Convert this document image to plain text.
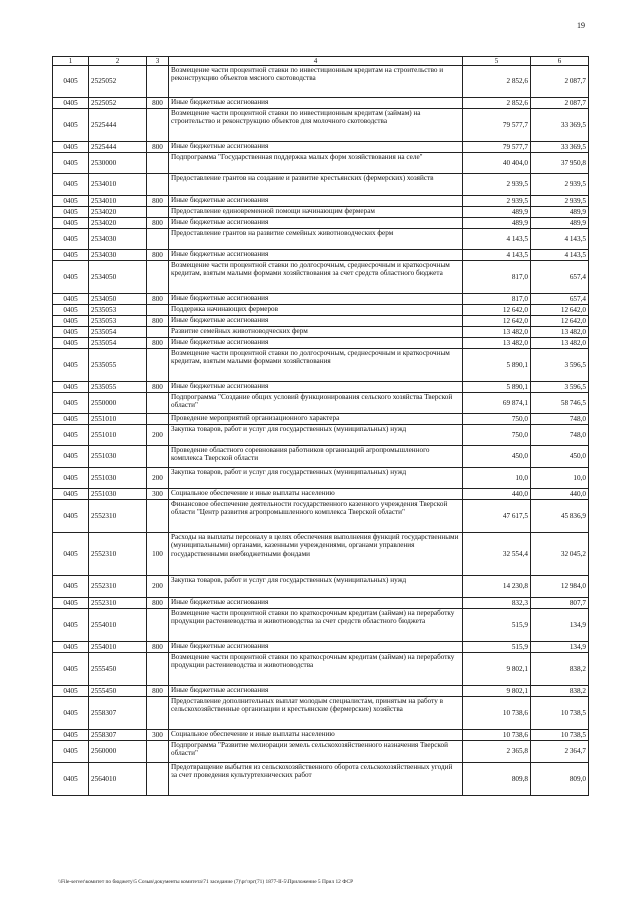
19
1	2	3	4	5	6
0405	2525052		Возмещение части процентной ставки по инвестиционным кредитам на строительство и реконструкцию объектов мясного скотоводства	2 852,6	2 087,7
0405	2525052	800	Иные бюджетные ассигнования	2 852,6	2 087,7
0405	2525444		Возмещение части процентной ставки по инвестиционным кредитам (займам) на строительство и реконструкцию объектов для молочного скотоводства	79 577,7	33 369,5
0405	2525444	800	Иные бюджетные ассигнования	79 577,7	33 369,5
0405	2530000		Подпрограмма "Государственная поддержка малых форм хозяйствования на селе"	40 404,0	37 950,8
0405	2534010		Предоставление грантов на создание и развитие крестьянских (фермерских) хозяйств	2 939,5	2 939,5
0405	2534010	800	Иные бюджетные ассигнования	2 939,5	2 939,5
0405	2534020		Предоставление единовременной помощи начинающим фермерам	489,9	489,9
0405	2534020	800	Иные бюджетные ассигнования	489,9	489,9
0405	2534030		Предоставление грантов на развитие семейных животноводческих ферм	4 143,5	4 143,5
0405	2534030	800	Иные бюджетные ассигнования	4 143,5	4 143,5
0405	2534050		Возмещение части процентной ставки по долгосрочным, среднесрочным и краткосрочным кредитам, взятым малыми формами хозяйствования за счет средств областного бюджета	817,0	657,4
0405	2534050	800	Иные бюджетные ассигнования	817,0	657,4
0405	2535053		Поддержка начинающих фермеров	12 642,0	12 642,0
0405	2535053	800	Иные бюджетные ассигнования	12 642,0	12 642,0
0405	2535054		Развитие семейных животноводческих ферм	13 482,0	13 482,0
0405	2535054	800	Иные бюджетные ассигнования	13 482,0	13 482,0
0405	2535055		Возмещение части процентной ставки по долгосрочным, среднесрочным и краткосрочным кредитам, взятым малыми формами хозяйствования	5 890,1	3 596,5
0405	2535055	800	Иные бюджетные ассигнования	5 890,1	3 596,5
0405	2550000		Подпрограмма "Создание общих условий функционирования сельского хозяйства Тверской области"	69 874,1	58 746,5
0405	2551010		Проведение мероприятий организационного характера	750,0	748,0
0405	2551010	200	Закупка товаров, работ и услуг для государственных (муниципальных) нужд	750,0	748,0
0405	2551030		Проведение областного соревнования работников организаций агропромышленного комплекса Тверской области	450,0	450,0
0405	2551030	200	Закупка товаров, работ и услуг для государственных (муниципальных) нужд	10,0	10,0
0405	2551030	300	Социальное обеспечение и иные выплаты населению	440,0	440,0
0405	2552310		Финансовое обеспечение деятельности государственного казенного учреждения Тверской области "Центр развития агропромышленного комплекса Тверской области"	47 617,5	45 836,9
0405	2552310	100	Расходы на выплаты персоналу в целях обеспечения выполнения функций государственными (муниципальными) органами, казенными учреждениями, органами управления государственными внебюджетными фондами	32 554,4	32 045,2
0405	2552310	200	Закупка товаров, работ и услуг для государственных (муниципальных) нужд	14 230,8	12 984,0
0405	2552310	800	Иные бюджетные ассигнования	832,3	807,7
0405	2554010		Возмещение части процентной ставки по краткосрочным кредитам (займам) на переработку продукции растениеводства и животноводства за счет средств областного бюджета	515,9	134,9
0405	2554010	800	Иные бюджетные ассигнования	515,9	134,9
0405	2555450		Возмещение части процентной ставки по краткосрочным кредитам (займам) на переработку продукции растениеводства и животноводства	9 802,1	838,2
0405	2555450	800	Иные бюджетные ассигнования	9 802,1	838,2
0405	2558307		Предоставление дополнительных выплат молодым специалистам, принятым на работу в сельскохозяйственные организации и крестьянские (фермерские) хозяйства	10 738,6	10 738,5
0405	2558307	300	Социальное обеспечение и иные выплаты населению	10 738,6	10 738,5
0405	2560000		Подпрограмма "Развитие мелиорации земель сельскохозяйственного назначения Тверской области"	2 365,8	2 364,7
0405	2564010		Предотвращение выбытия из сельскохозяйственного оборота сельскохозяйственных угодий за счет проведения культуртехнических работ	809,8	809,0
\\File-server\комитет по бюджету\5 Созыв\документы комитета\71 заседание (7)\рг\зрг(71) 1877-II-5\Приложение 5 Прил 12 ФСР
